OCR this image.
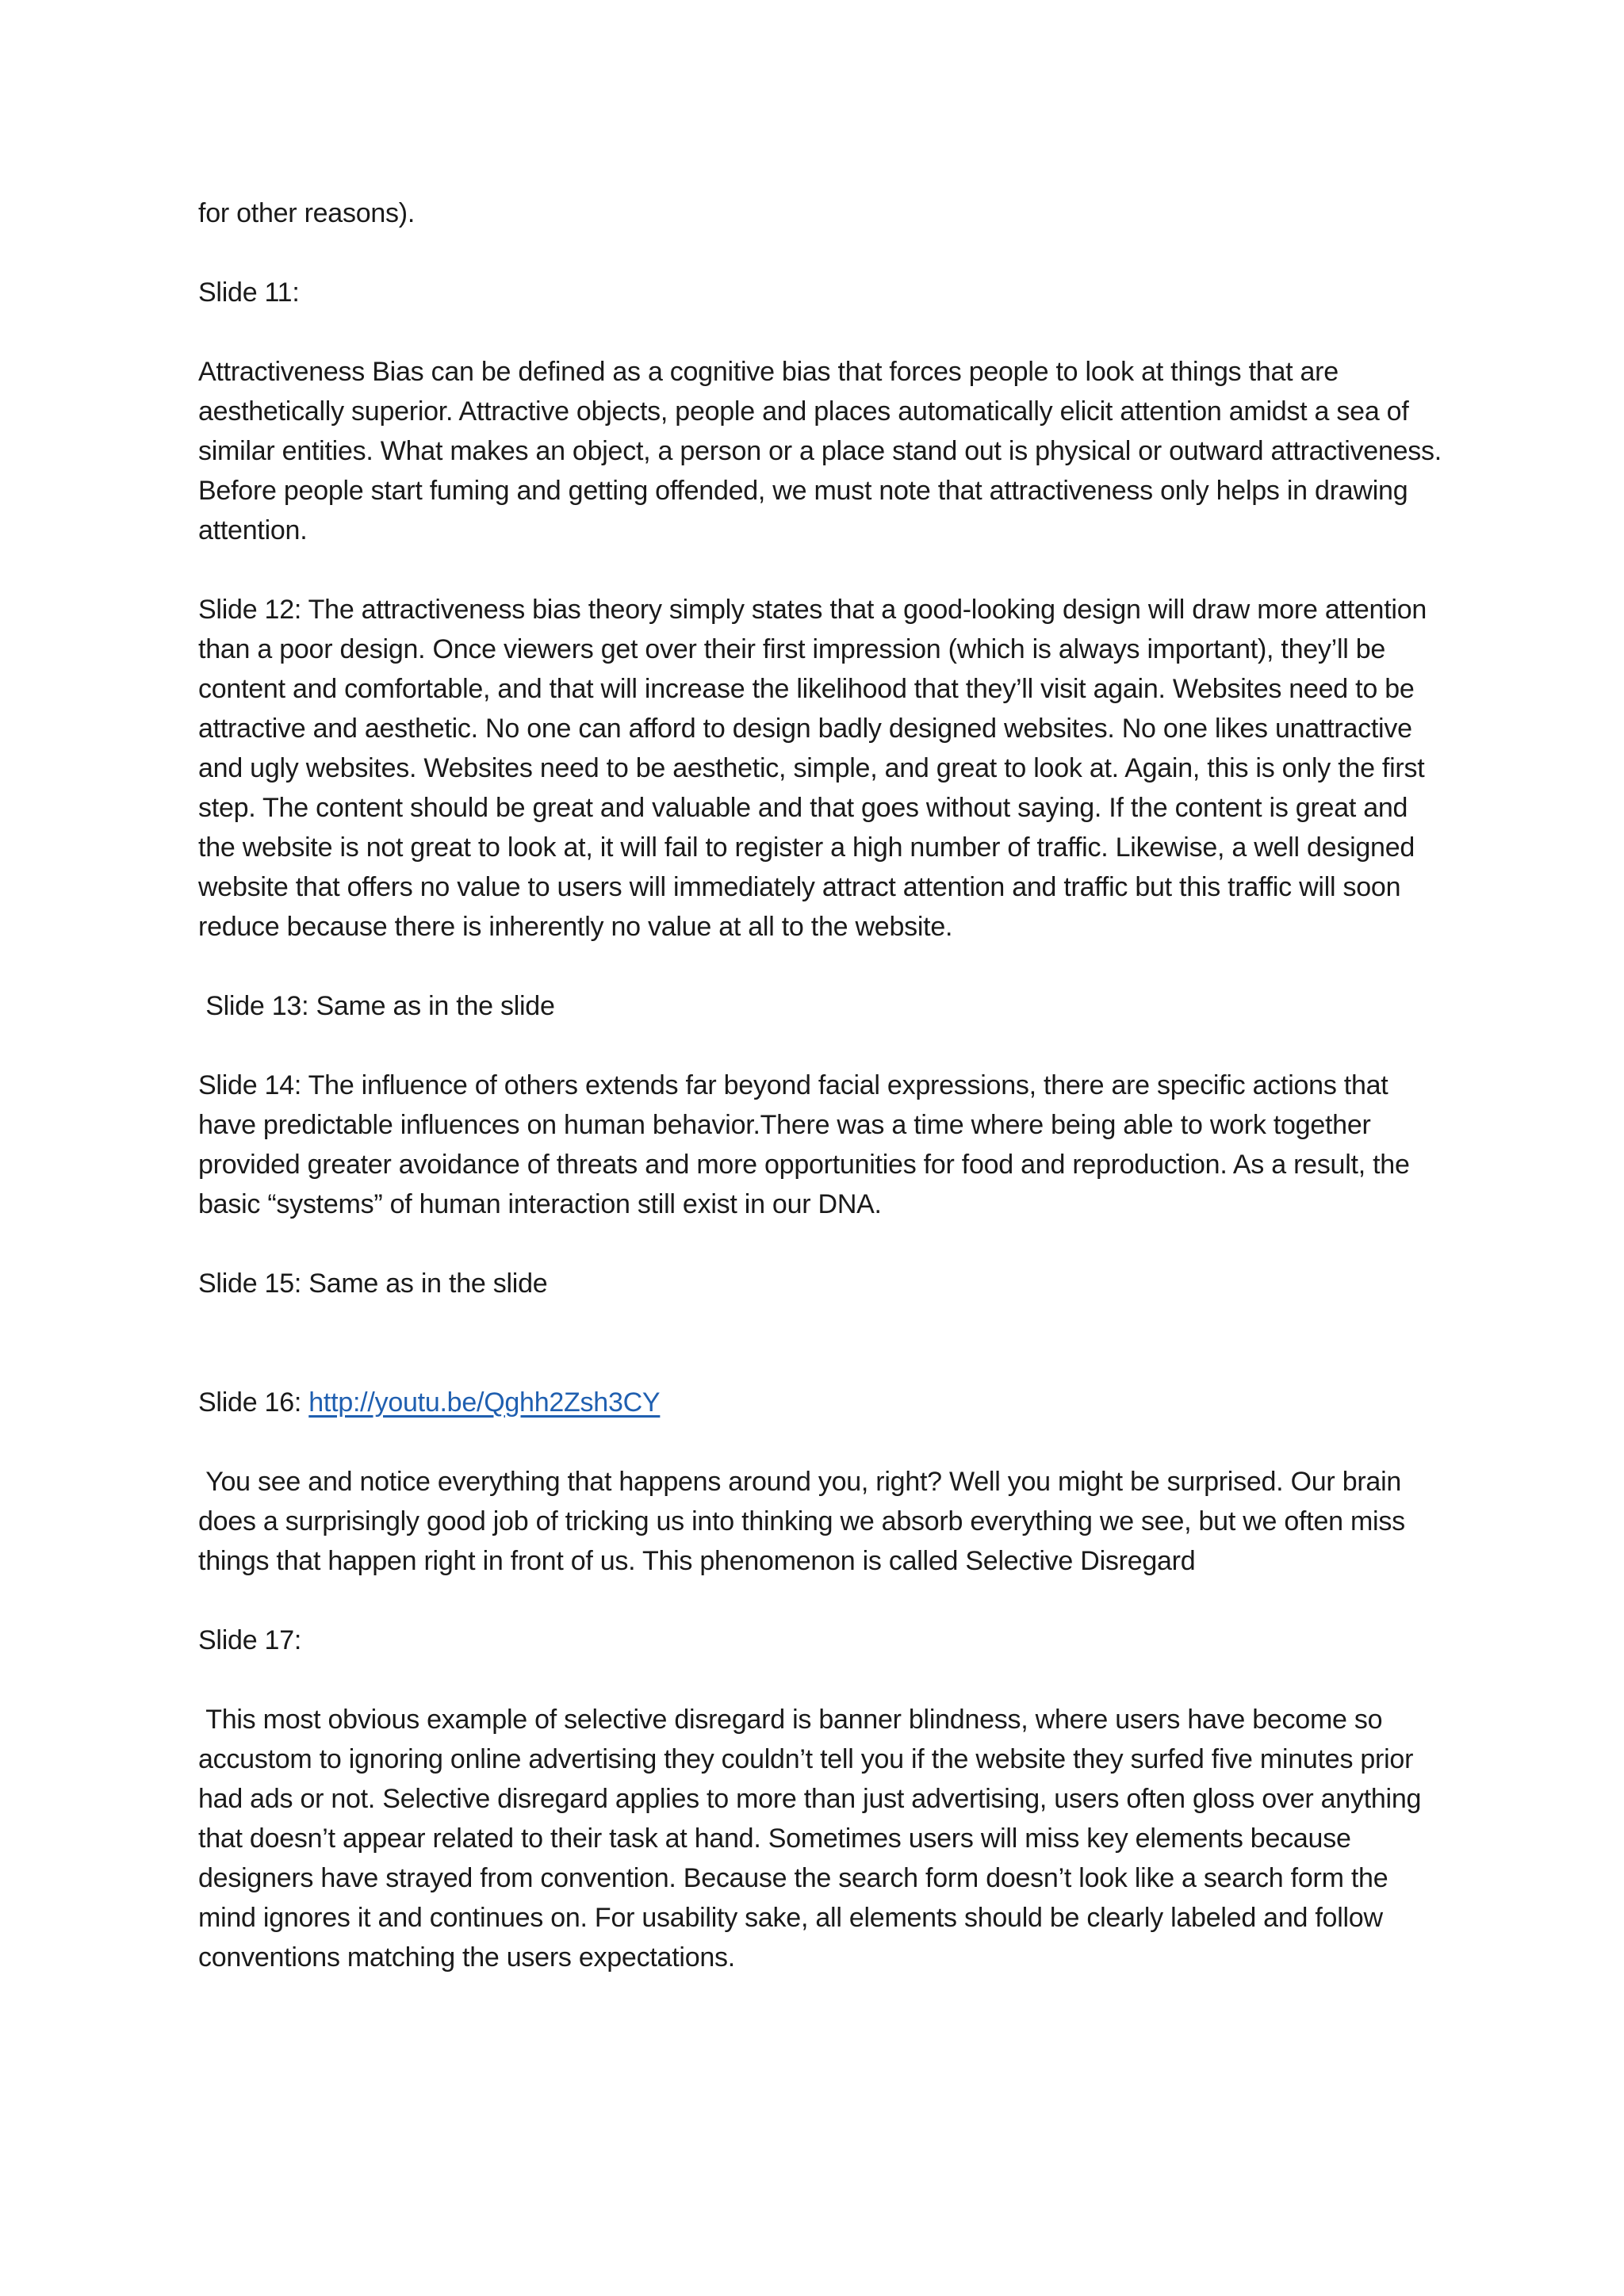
for other reasons).

Slide 11:

Attractiveness Bias can be defined as a cognitive bias that forces people to look at things that are aesthetically superior. Attractive objects, people and places automatically elicit attention amidst a sea of similar entities. What makes an object, a person or a place stand out is physical or outward attractiveness. Before people start fuming and getting offended, we must note that attractiveness only helps in drawing attention.

Slide 12: The attractiveness bias theory simply states that a good-looking design will draw more attention than a poor design. Once viewers get over their first impression (which is always important), they’ll be content and comfortable, and that will increase the likelihood that they’ll visit again. Websites need to be attractive and aesthetic. No one can afford to design badly designed websites. No one likes unattractive and ugly websites. Websites need to be aesthetic, simple, and great to look at. Again, this is only the first step. The content should be great and valuable and that goes without saying. If the content is great and the website is not great to look at, it will fail to register a high number of traffic. Likewise, a well designed website that offers no value to users will immediately attract attention and traffic but this traffic will soon reduce because there is inherently no value at all to the website.

Slide 13: Same as in the slide

Slide 14: The influence of others extends far beyond facial expressions, there are specific actions that have predictable influences on human behavior.There was a time where being able to work together provided greater avoidance of threats and more opportunities for food and reproduction. As a result, the basic “systems” of human interaction still exist in our DNA.

Slide 15: Same as in the slide

Slide 16: http://youtu.be/Qghh2Zsh3CY

You see and notice everything that happens around you, right? Well you might be surprised. Our brain does a surprisingly good job of tricking us into thinking we absorb everything we see, but we often miss things that happen right in front of us. This phenomenon is called Selective Disregard

Slide 17:

This most obvious example of selective disregard is banner blindness, where users have become so accustom to ignoring online advertising they couldn’t tell you if the website they surfed five minutes prior had ads or not. Selective disregard applies to more than just advertising, users often gloss over anything that doesn’t appear related to their task at hand. Sometimes users will miss key elements because designers have strayed from convention. Because the search form doesn’t look like a search form the mind ignores it and continues on. For usability sake, all elements should be clearly labeled and follow conventions matching the users expectations.
